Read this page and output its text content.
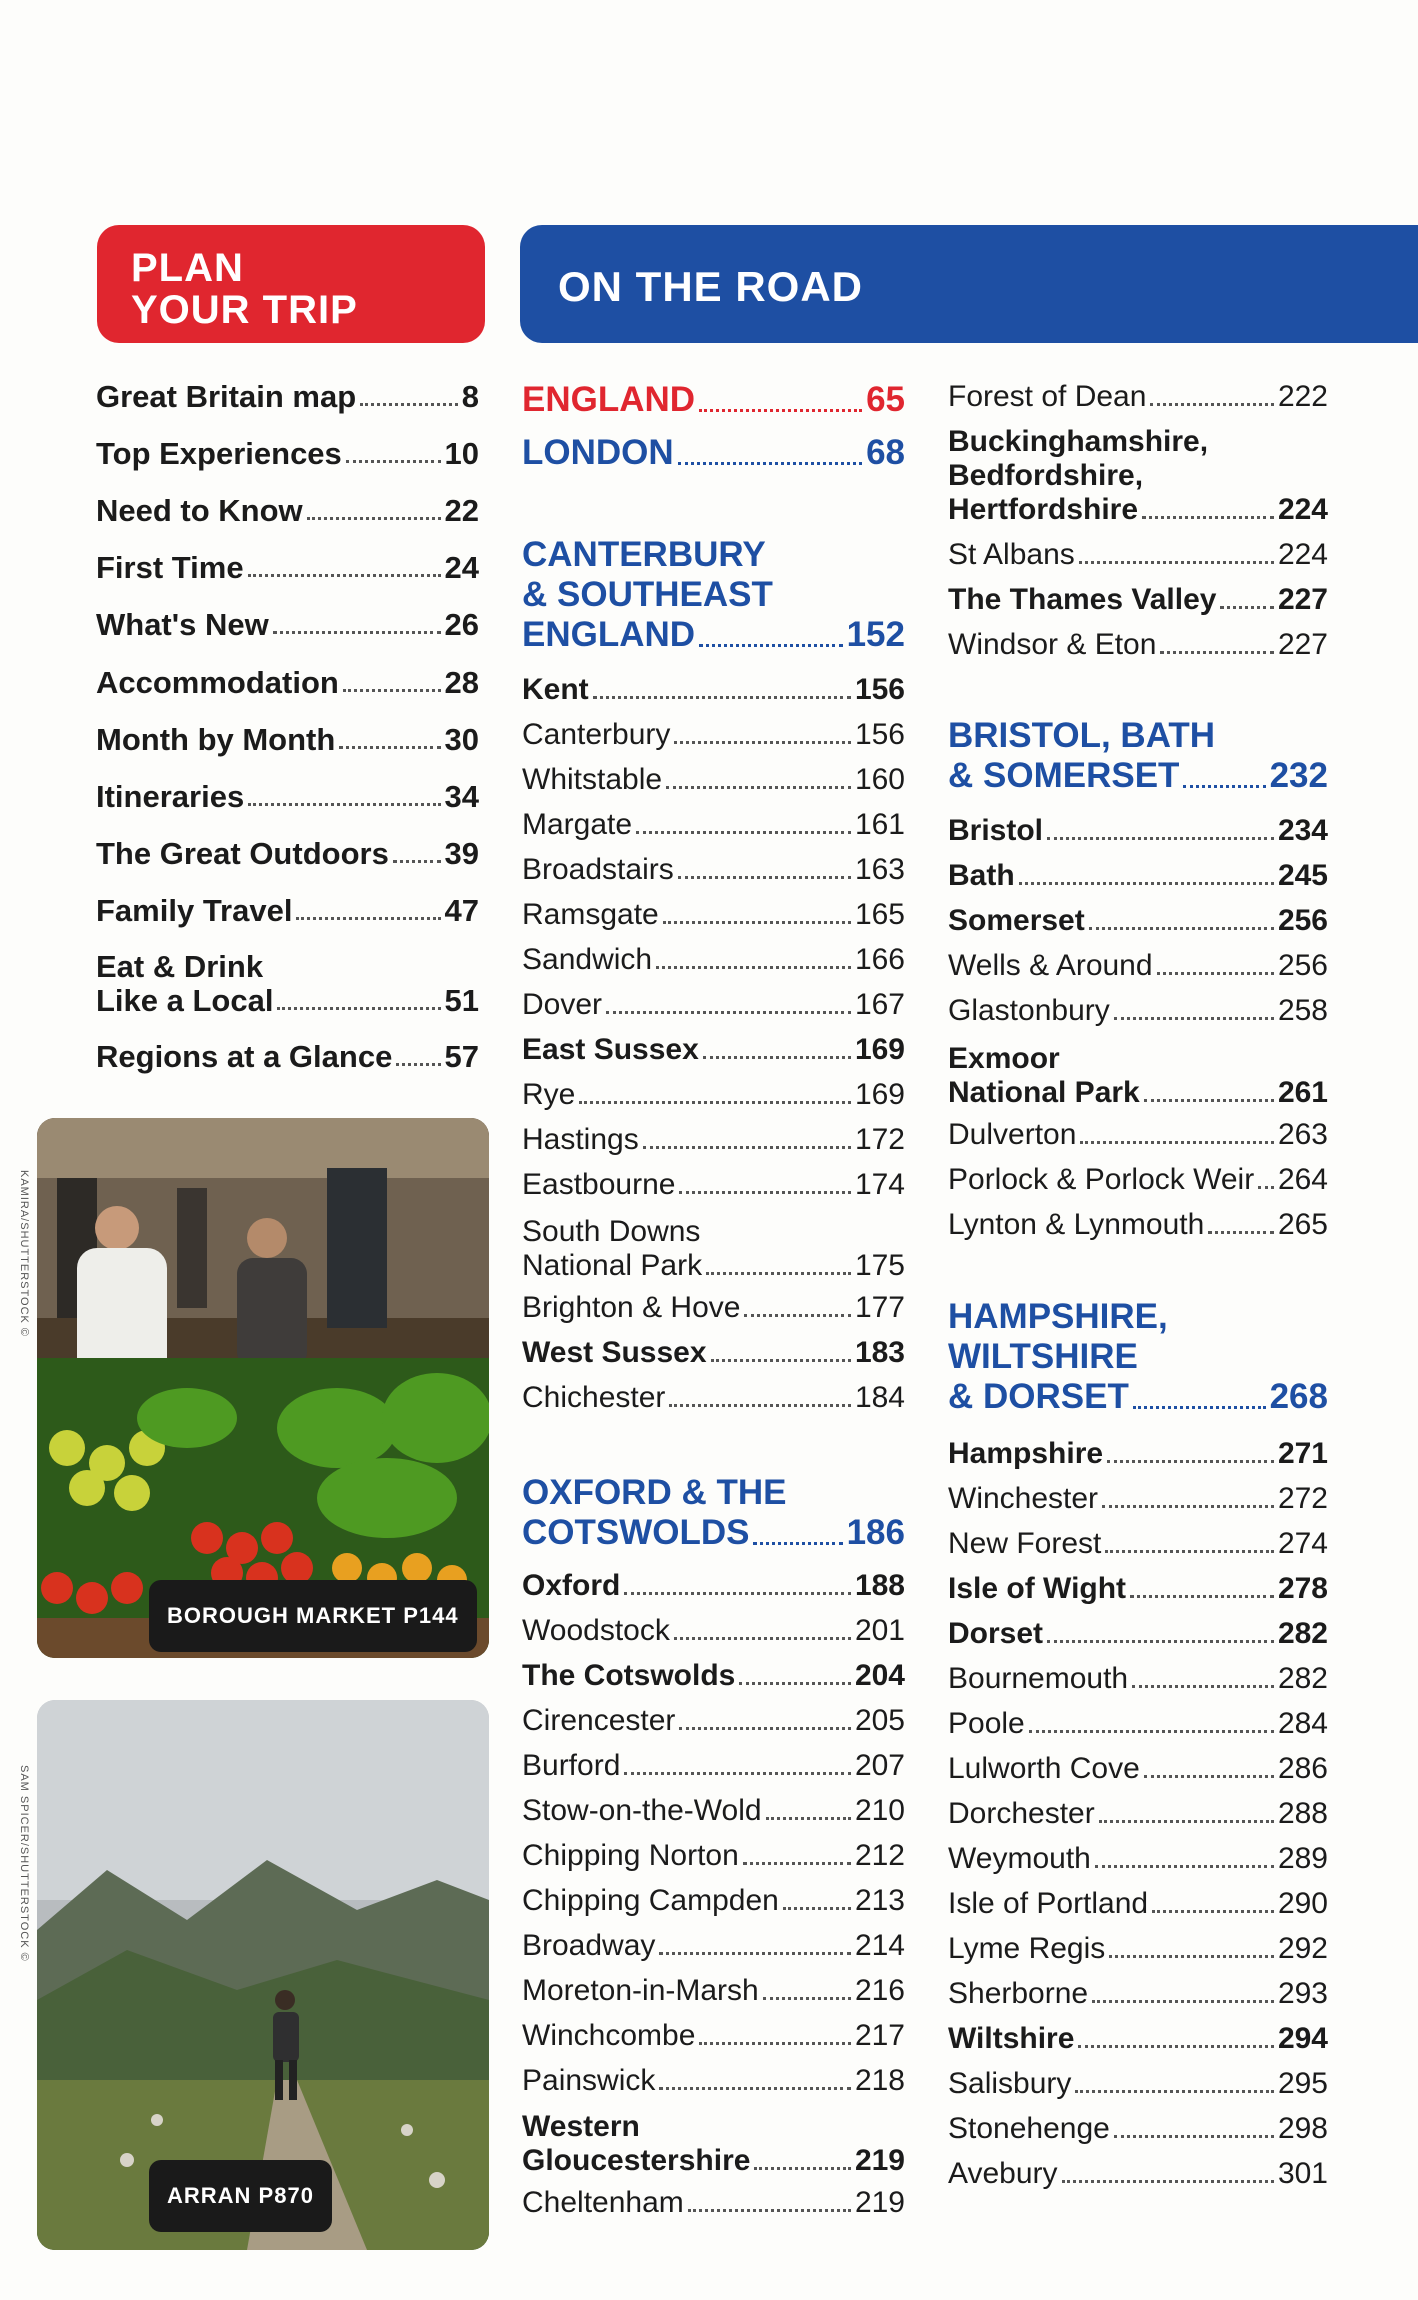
PLAN
YOUR TRIP	ON THE ROAD
Great Britain map	8
Top Experiences	10
Need to Know	22
First Time	24
What's New	26
Accommodation	28
Month by Month	30
Itineraries	34
The Great Outdoors 39
Family Travel	47
Eat & Drink
Like a Local	51
Regions at a Glance 57
ENGLAND	65
LONDON	68
CANTERBURY
& SOUTHEAST
ENGLAND	152
Kent	156
Canterbury	156
Whitstable	160
Margate	161
Broadstairs	163
Ramsgate	165
Sandwich	166
Dover	167
East Sussex	169
Rye	169
Hastings	172
Eastbourne	174
South Downs
National Park	175
Brighton & Hove	177
West Sussex	183
Chichester	184
OXFORD & THE
COTSWOLDS	186
Oxford	188
Woodstock	201
The Cotswolds	204
Cirencester	205
Burford	207
Stow-on-the-Wold	210
Chipping Norton	212
Chipping Campden	213
Broadway	214
Moreton-in-Marsh	216
Winchcombe	217
Painswick	218
Western
Gloucestershire	219
Cheltenham	219
Forest of Dean	222
Buckinghamshire,
Bedfordshire,
Hertfordshire	224
St Albans	224
The Thames Valley 227
Windsor & Eton	227
BRISTOL, BATH
& SOMERSET	232
Bristol	234
Bath	245
Somerset	256
Wells & Around	256
Glastonbury	258
Exmoor
National Park	261
Dulverton	263
Porlock & Porlock Weir 264
Lynton & Lynmouth 265
HAMPSHIRE,
WILTSHIRE
& DORSET	268
Hampshire	271
Winchester	272
New Forest	274
Isle of Wight	278
Dorset	282
Bournemouth	282
Poole	284
Lulworth Cove	286
Dorchester	288
Weymouth	289
Isle of Portland	290
Lyme Regis	292
Sherborne	293
Wiltshire	294
Salisbury	295
Stonehenge	298
Avebury	301
BOROUGH MARKET P144
KAMIRA/SHUTTERSTOCK ©
ARRAN P870
SAM SPICER/SHUTTERSTOCK ©
